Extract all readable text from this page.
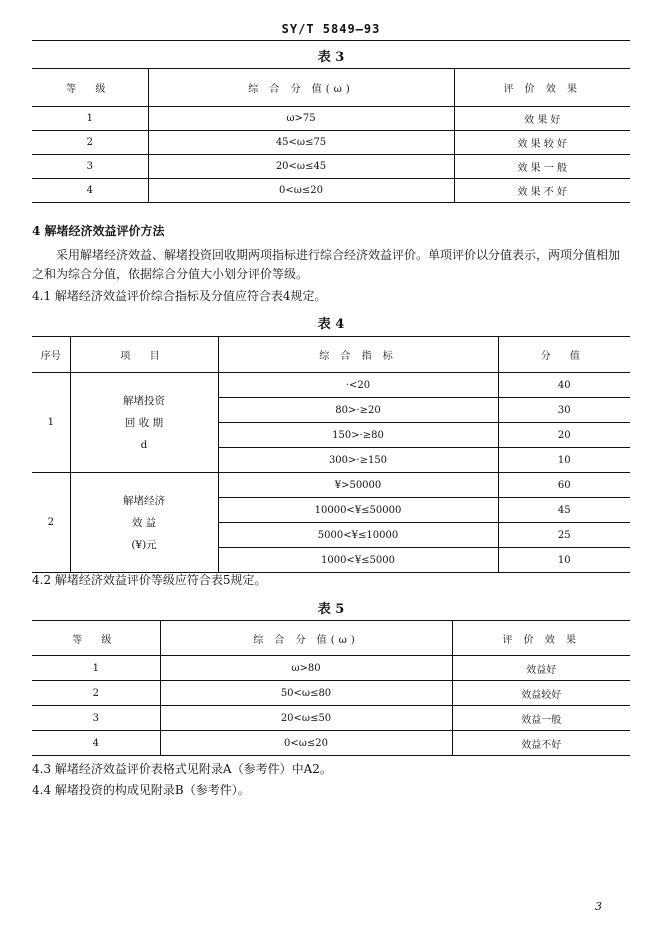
SY/T 5849—93
表 3
等 级	综 合 分 值(ω)	评 价 效 果
1	ω>75	效 果 好
2	45<ω≤75	效 果 较 好
3	20<ω≤45	效 果 一 般
4	0<ω≤20	效 果 不 好
4 解堵经济效益评价方法
采用解堵经济效益、解堵投资回收期两项指标进行综合经济效益评价。单项评价以分值表示，两项分值相加之和为综合分值，依据综合分值大小划分评价等级。
4.1 解堵经济效益评价综合指标及分值应符合表4规定。
表 4
序号	项 目	综 合 指 标	分 值
1	解堵投资
回 收 期
d	·<20	40
		80>·≥20	30
		150>·≥80	20
		300>·≥150	10
2	解堵经济
效 益
(¥)元	¥>50000	60
		10000<¥≤50000	45
		5000<¥≤10000	25
		1000<¥≤5000	10
4.2 解堵经济效益评价等级应符合表5规定。
表 5
等 级	综 合 分 值(ω)	评 价 效 果
1	ω>80	效益好
2	50<ω≤80	效益较好
3	20<ω≤50	效益一般
4	0<ω≤20	效益不好
4.3 解堵经济效益评价表格式见附录A（参考件）中A2。
4.4 解堵投资的构成见附录B（参考件）。
3
